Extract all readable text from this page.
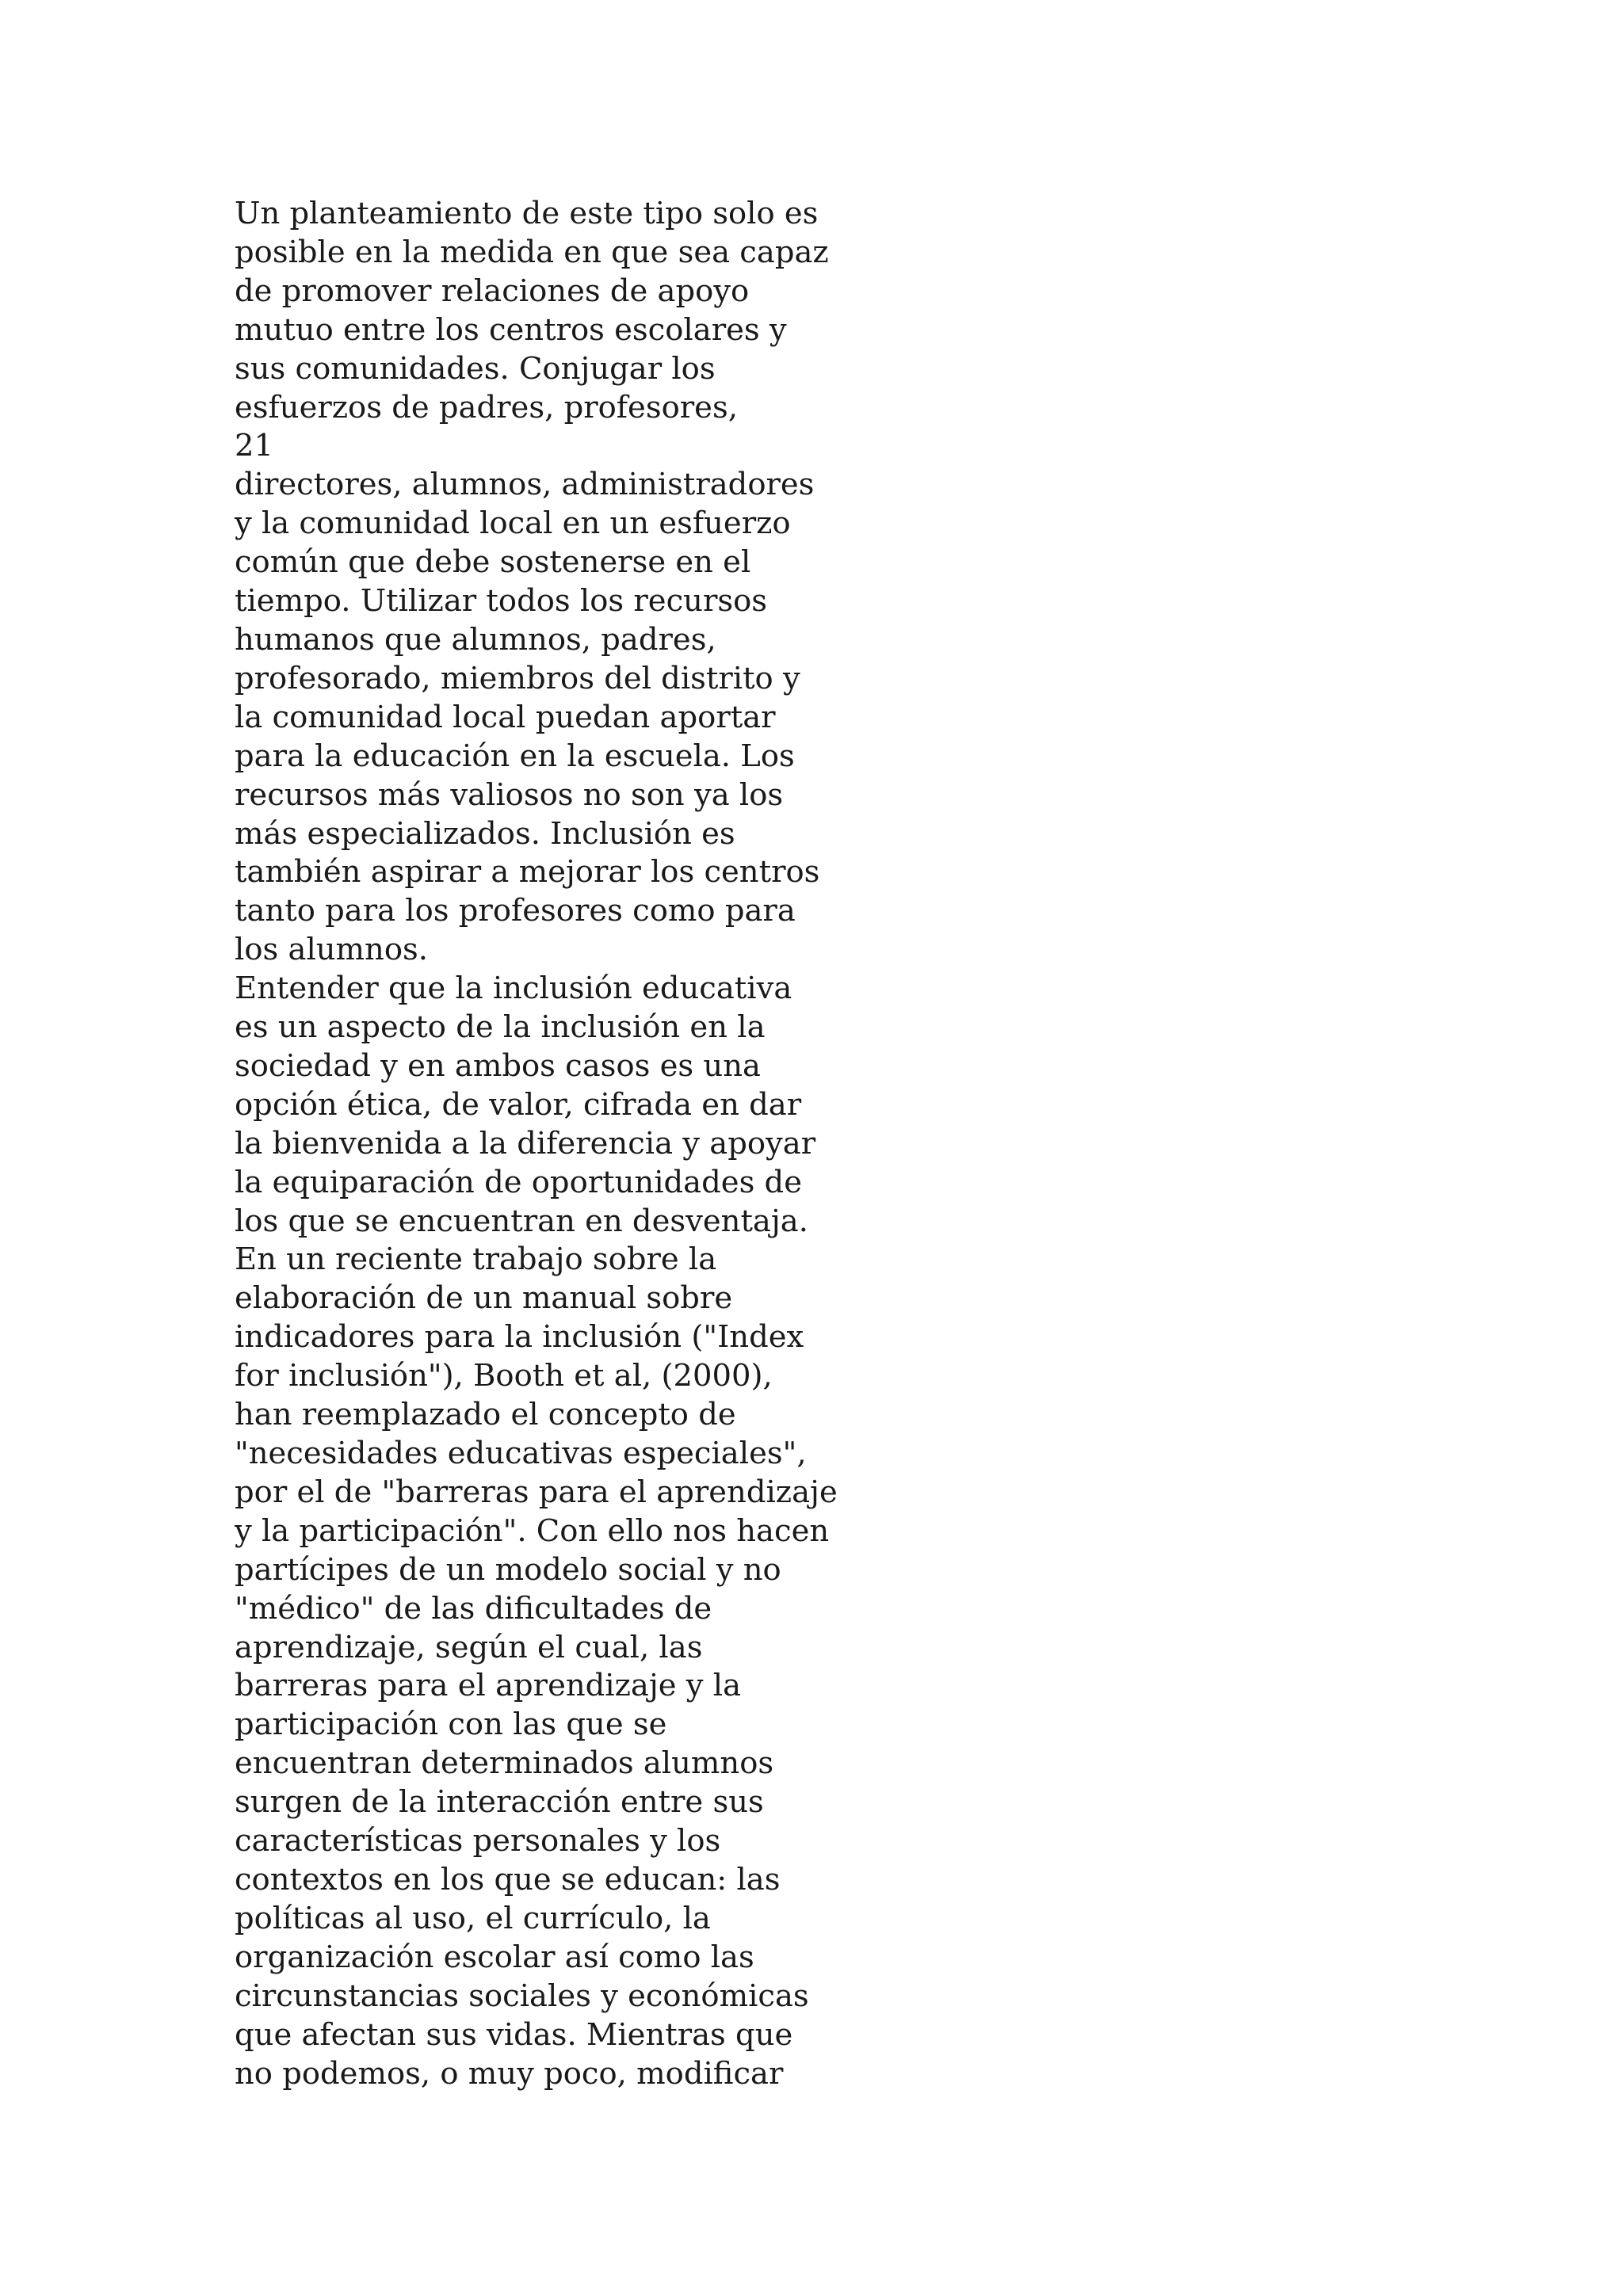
Un planteamiento de este tipo solo es
posible en la medida en que sea capaz
de promover relaciones de apoyo
mutuo entre los centros escolares y
sus comunidades. Conjugar los
esfuerzos de padres, profesores,
21
directores, alumnos, administradores
y la comunidad local en un esfuerzo
común que debe sostenerse en el
tiempo. Utilizar todos los recursos
humanos que alumnos, padres,
profesorado, miembros del distrito y
la comunidad local puedan aportar
para la educación en la escuela. Los
recursos más valiosos no son ya los
más especializados. Inclusión es
también aspirar a mejorar los centros
tanto para los profesores como para
los alumnos.
Entender que la inclusión educativa
es un aspecto de la inclusión en la
sociedad y en ambos casos es una
opción ética, de valor, cifrada en dar
la bienvenida a la diferencia y apoyar
la equiparación de oportunidades de
los que se encuentran en desventaja.
En un reciente trabajo sobre la
elaboración de un manual sobre
indicadores para la inclusión ("Index
for inclusión"), Booth et al, (2000),
han reemplazado el concepto de
"necesidades educativas especiales",
por el de "barreras para el aprendizaje
y la participación". Con ello nos hacen
partícipes de un modelo social y no
"médico" de las dificultades de
aprendizaje, según el cual, las
barreras para el aprendizaje y la
participación con las que se
encuentran determinados alumnos
surgen de la interacción entre sus
características personales y los
contextos en los que se educan: las
políticas al uso, el currículo, la
organización escolar así como las
circunstancias sociales y económicas
que afectan sus vidas. Mientras que
no podemos, o muy poco, modificar
